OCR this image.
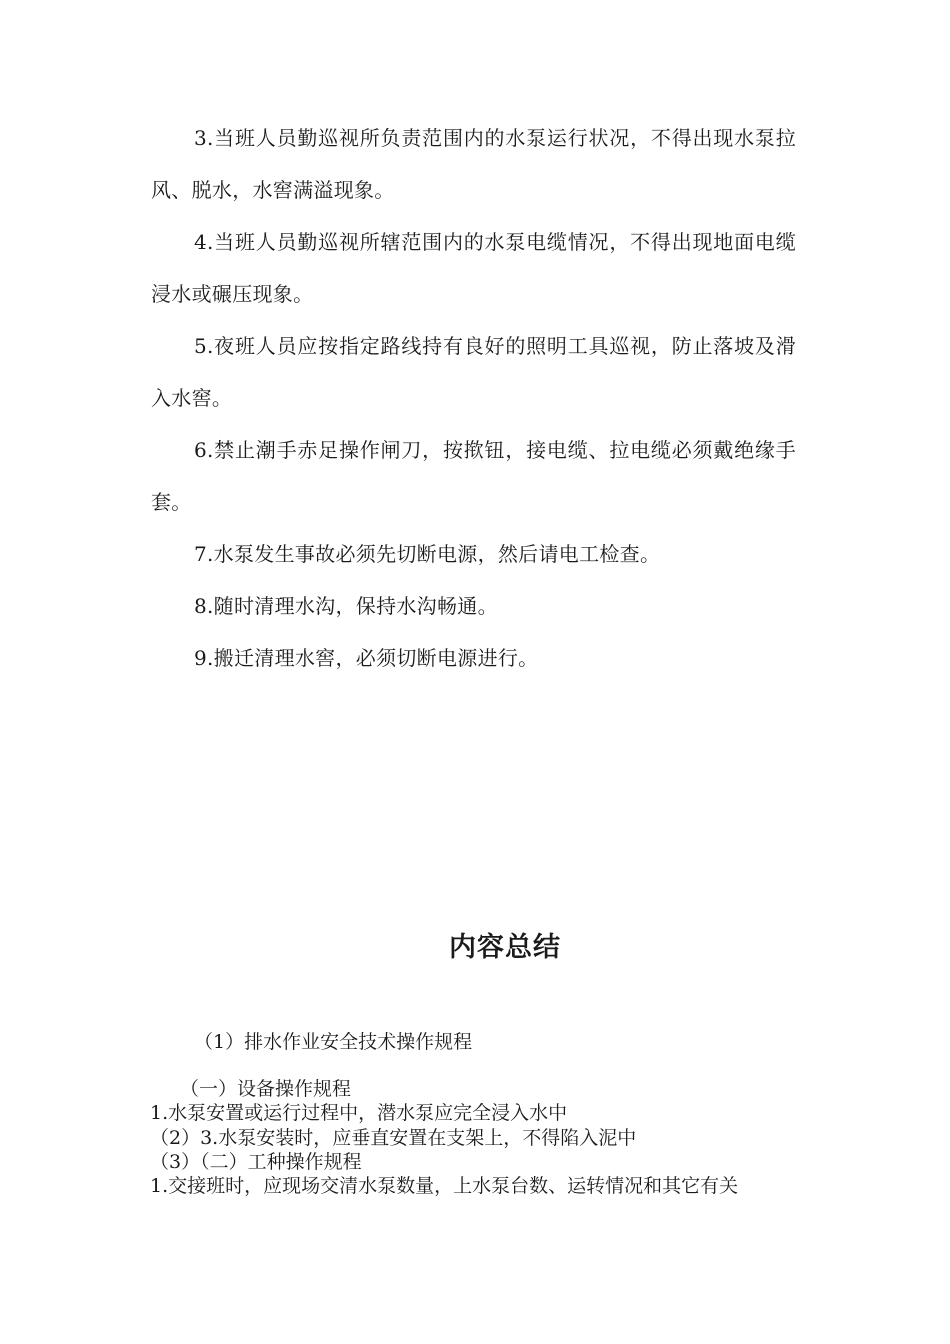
3.当班人员勤巡视所负责范围内的水泵运行状况，不得出现水泵拉风、脱水，水窖满溢现象。

4.当班人员勤巡视所辖范围内的水泵电缆情况，不得出现地面电缆浸水或碾压现象。

5.夜班人员应按指定路线持有良好的照明工具巡视，防止落坡及滑入水窖。

6.禁止潮手赤足操作闸刀，按揿钮，接电缆、拉电缆必须戴绝缘手套。

7.水泵发生事故必须先切断电源，然后请电工检查。

8.随时清理水沟，保持水沟畅通。

9.搬迁清理水窖，必须切断电源进行。

内容总结

（1）排水作业安全技术操作规程

（一）设备操作规程

1.水泵安置或运行过程中，潜水泵应完全浸入水中

（2）3.水泵安装时，应垂直安置在支架上，不得陷入泥中

（3）（二）工种操作规程

1.交接班时，应现场交清水泵数量，上水泵台数、运转情况和其它有关
